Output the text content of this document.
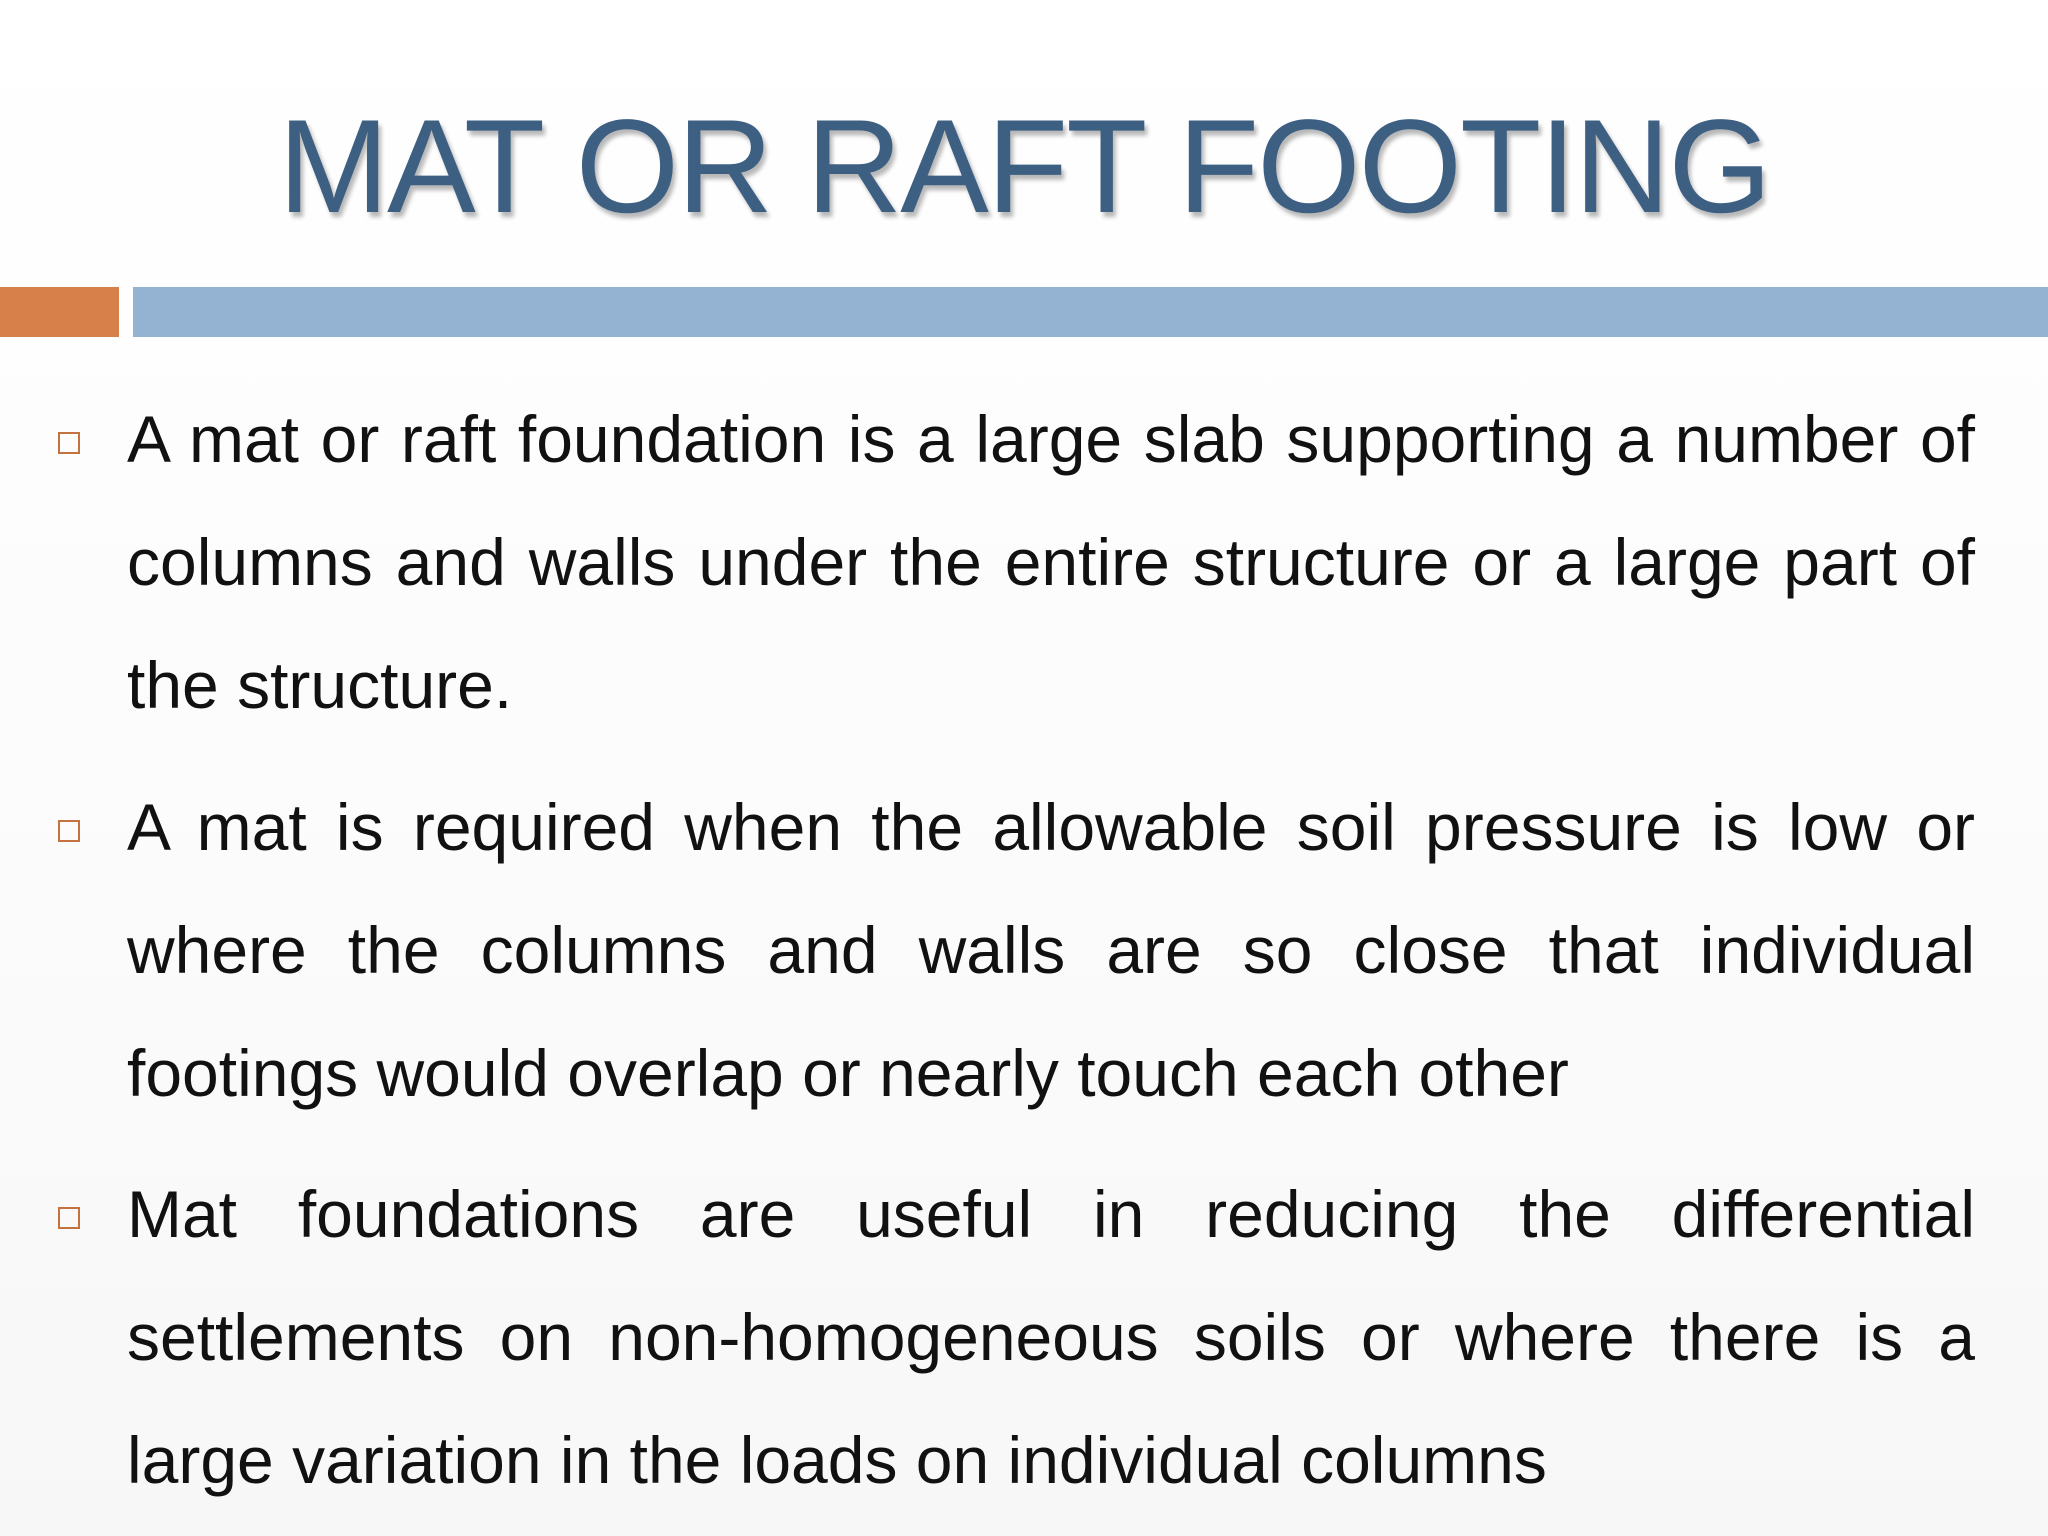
MAT OR RAFT FOOTING

A mat or raft foundation is a large slab supporting a number of columns and walls under the entire structure or a large part of the structure.

A mat is required when the allowable soil pressure is low or where the columns and walls are so close that individual footings would overlap or nearly touch each other

Mat foundations are useful in reducing the differential settlements on non-homogeneous soils or where there is a large variation in the loads on individual columns
